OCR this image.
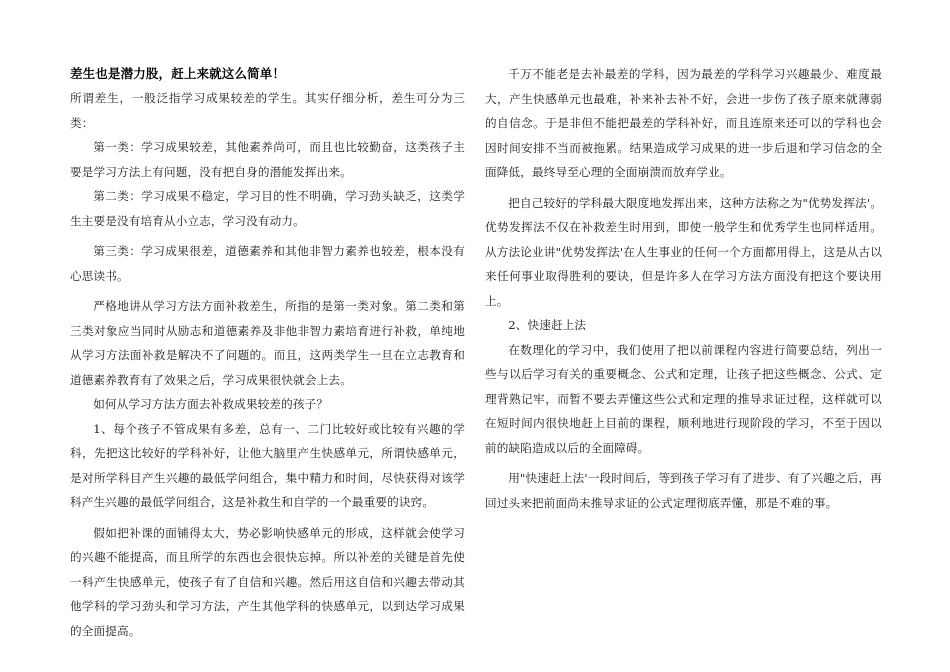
差生也是潜力股，赶上来就这么简单！

所谓差生，一般泛指学习成果较差的学生。其实仔细分析，差生可分为三类：

第一类：学习成果较差，其他素养尚可，而且也比较勤奋，这类孩子主要是学习方法上有问题，没有把自身的潜能发挥出来。

第二类：学习成果不稳定，学习目的性不明确，学习劲头缺乏，这类学生主要是没有培育从小立志，学习没有动力。

第三类：学习成果很差，道德素养和其他非智力素养也较差，根本没有心思读书。

严格地讲从学习方法方面补救差生，所指的是第一类对象。第二类和第三类对象应当同时从励志和道德素养及非他非智力素培育进行补救，单纯地从学习方法面补救是解决不了问题的。而且，这两类学生一旦在立志教育和道德素养教育有了效果之后，学习成果很快就会上去。

如何从学习方法方面去补救成果较差的孩子？

1、每个孩子不管成果有多差，总有一、二门比较好或比较有兴趣的学科，先把这比较好的学科补好，让他大脑里产生快感单元，所谓快感单元，是对所学科目产生兴趣的最低学问组合，集中精力和时间，尽快获得对该学科产生兴趣的最低学问组合，这是补救生和自学的一个最重要的诀窍。

假如把补课的面铺得太大，势必影响快感单元的形成，这样就会使学习的兴趣不能提高，而且所学的东西也会很快忘掉。所以补差的关键是首先使一科产生快感单元，使孩子有了自信和兴趣。然后用这自信和兴趣去带动其他学科的学习劲头和学习方法，产生其他学科的快感单元，以到达学习成果的全面提高。

千万不能老是去补最差的学科，因为最差的学科学习兴趣最少、难度最大，产生快感单元也最难，补来补去补不好，会进一步伤了孩子原来就薄弱的自信念。于是非但不能把最差的学科补好，而且连原来还可以的学科也会因时间安排不当而被拖累。结果造成学习成果的进一步后退和学习信念的全面降低，最终导至心理的全面崩溃而放弃学业。

把自己较好的学科最大限度地发挥出来，这种方法称之为"优势发挥法'。优势发挥法不仅在补救差生时用到，即使一般学生和优秀学生也同样适用。从方法论业讲"优势发挥法'在人生事业的任何一个方面都用得上，这是从古以来任何事业取得胜利的要诀，但是许多人在学习方法方面没有把这个要诀用上。

2、快速赶上法

在数理化的学习中，我们使用了把以前课程内容进行简要总结，列出一些与以后学习有关的重要概念、公式和定理，让孩子把这些概念、公式、定理背熟记牢，而暂不要去弄懂这些公式和定理的推导求证过程，这样就可以在短时间内很快地赶上目前的课程，顺利地进行现阶段的学习，不至于因以前的缺陷造成以后的全面障碍。

用"快速赶上法'一段时间后，等到孩子学习有了进步、有了兴趣之后，再回过头来把前面尚未推导求证的公式定理彻底弄懂，那是不难的事。
